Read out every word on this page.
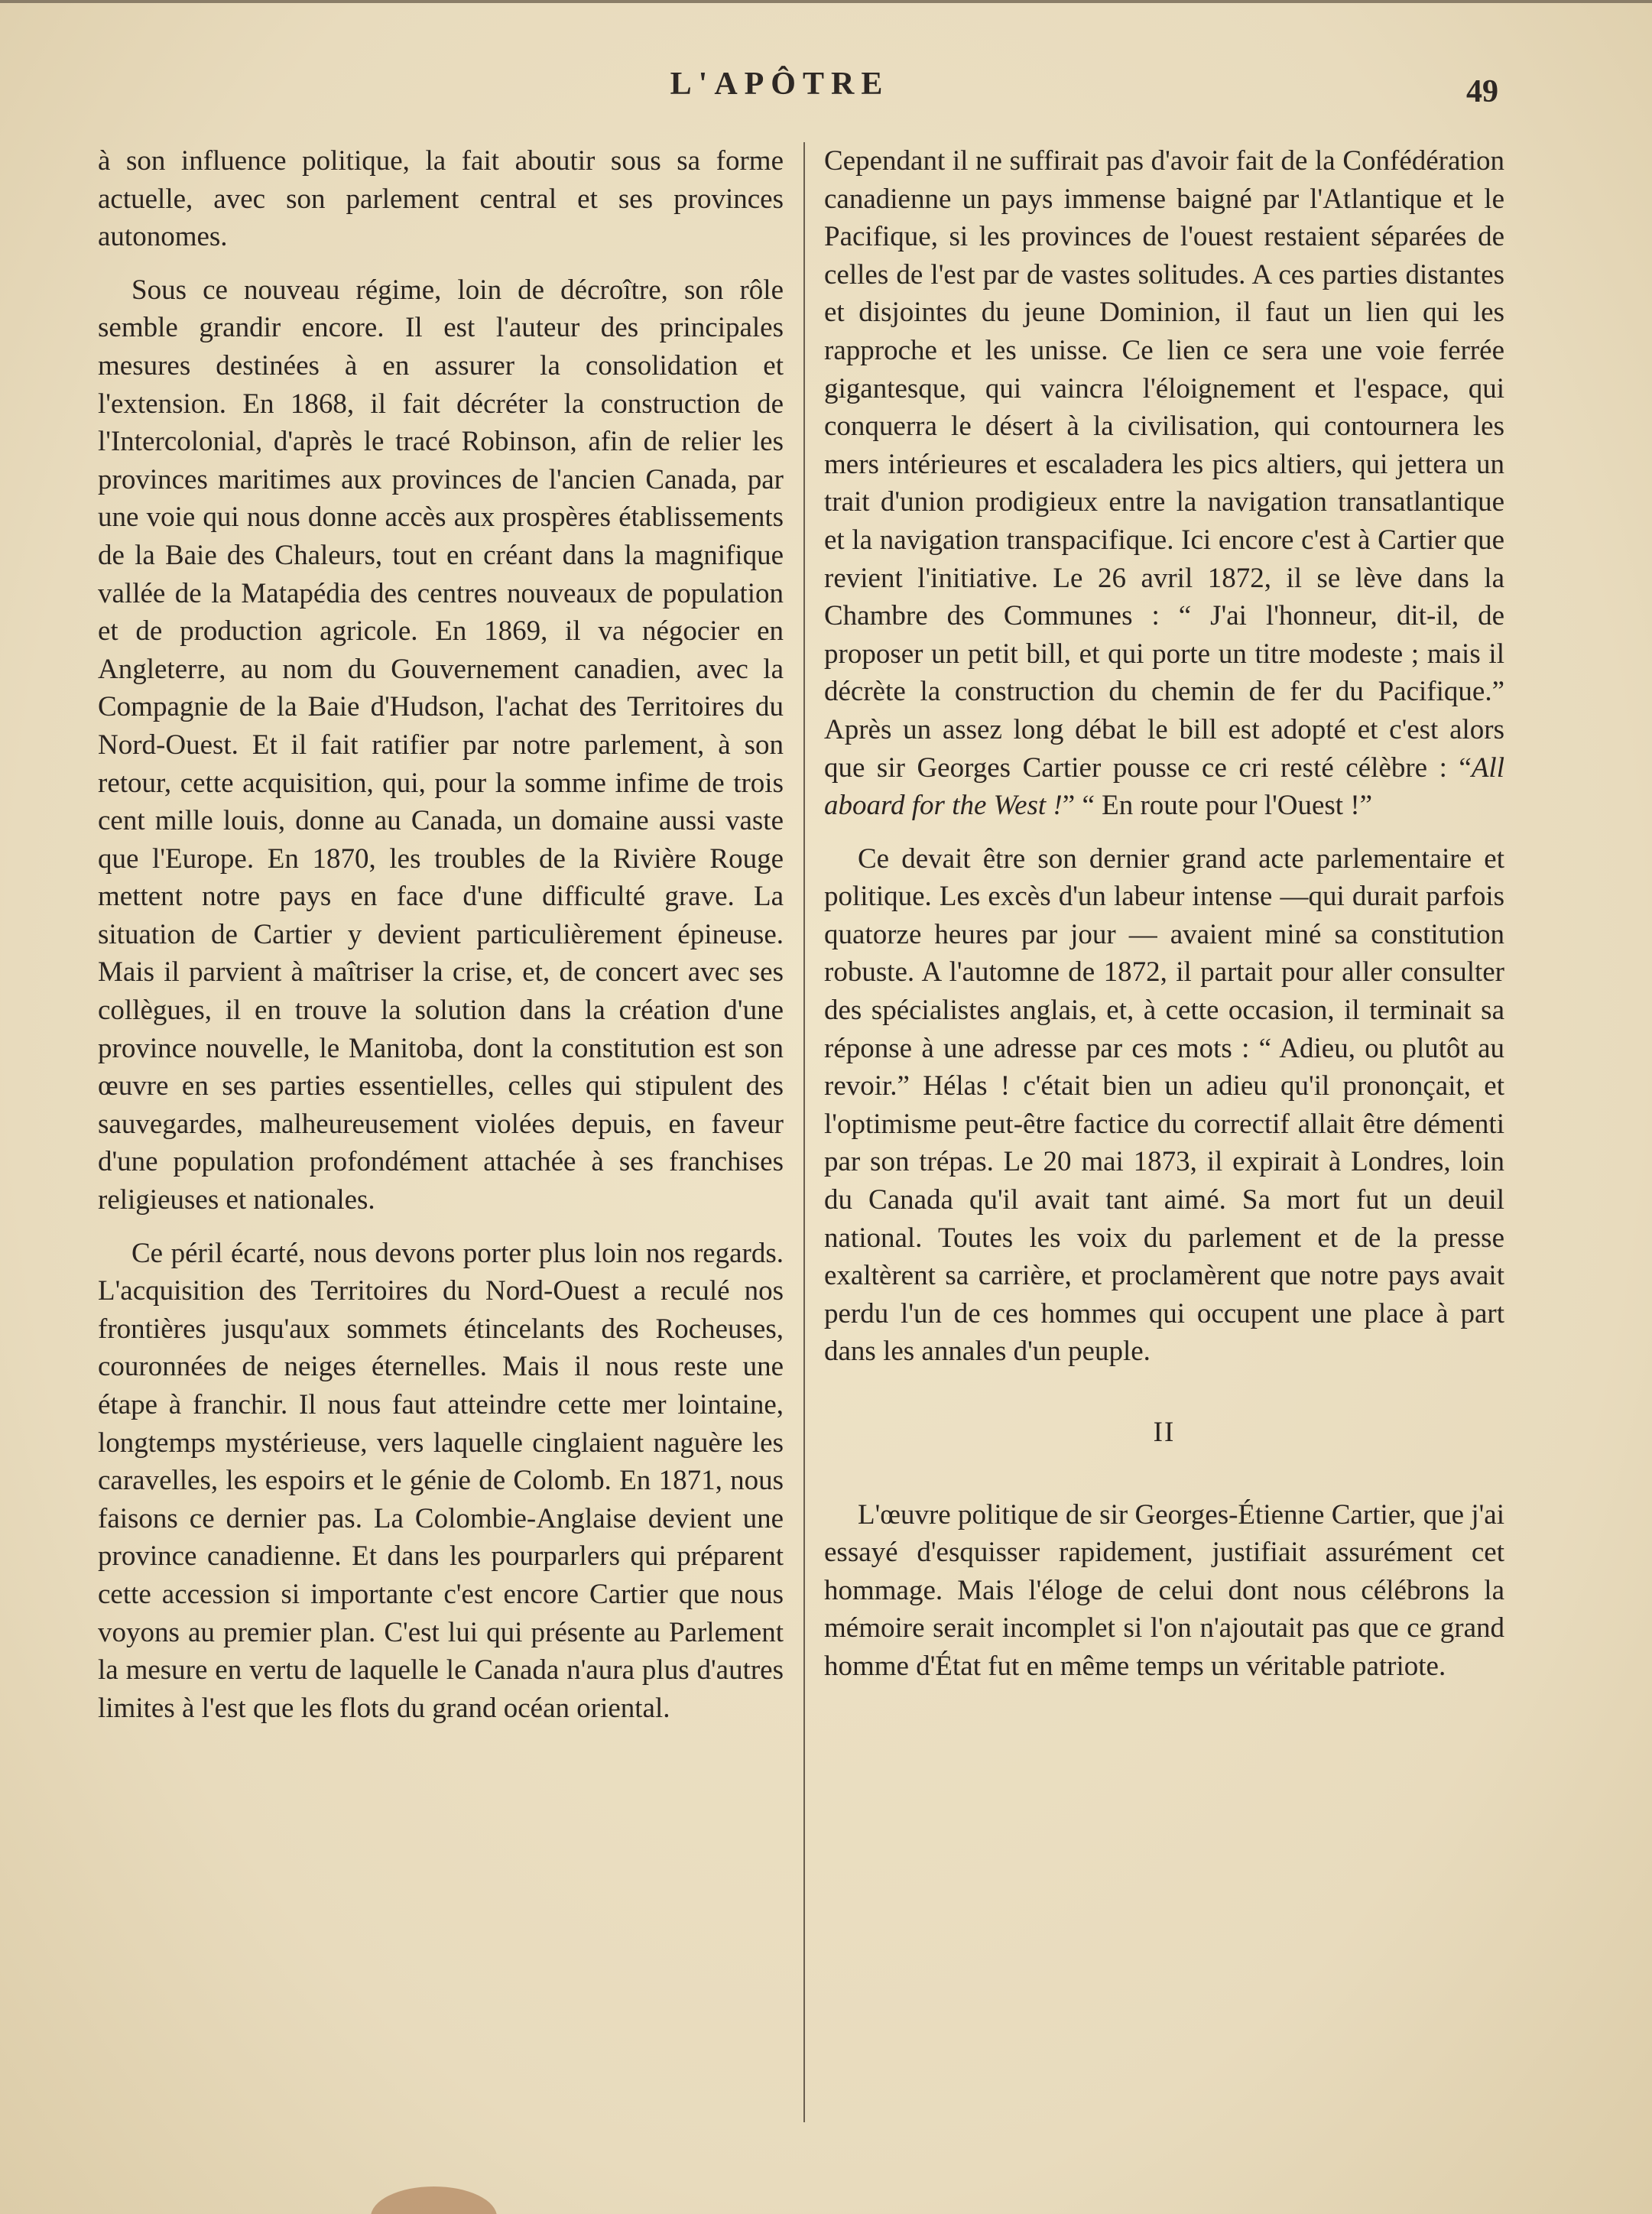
L'APÔTRE	49

à son influence politique, la fait aboutir sous sa forme actuelle, avec son parlement central et ses provinces autonomes.

Sous ce nouveau régime, loin de décroître, son rôle semble grandir encore. Il est l'auteur des principales mesures destinées à en assurer la consolidation et l'extension. En 1868, il fait décréter la construction de l'Intercolonial, d'après le tracé Robinson, afin de relier les provinces maritimes aux provinces de l'ancien Canada, par une voie qui nous donne accès aux prospères établissements de la Baie des Chaleurs, tout en créant dans la magnifique vallée de la Matapédia des centres nouveaux de population et de production agricole. En 1869, il va négocier en Angleterre, au nom du Gouvernement canadien, avec la Compagnie de la Baie d'Hudson, l'achat des Territoires du Nord-Ouest. Et il fait ratifier par notre parlement, à son retour, cette acquisition, qui, pour la somme infime de trois cent mille louis, donne au Canada, un domaine aussi vaste que l'Europe. En 1870, les troubles de la Rivière Rouge mettent notre pays en face d'une difficulté grave. La situation de Cartier y devient particulièrement épineuse. Mais il parvient à maîtriser la crise, et, de concert avec ses collègues, il en trouve la solution dans la création d'une province nouvelle, le Manitoba, dont la constitution est son œuvre en ses parties essentielles, celles qui stipulent des sauvegardes, malheureusement violées depuis, en faveur d'une population profondément attachée à ses franchises religieuses et nationales.

Ce péril écarté, nous devons porter plus loin nos regards. L'acquisition des Territoires du Nord-Ouest a reculé nos frontières jusqu'aux sommets étincelants des Rocheuses, couronnées de neiges éternelles. Mais il nous reste une étape à franchir. Il nous faut atteindre cette mer lointaine, longtemps mystérieuse, vers laquelle cinglaient naguère les caravelles, les espoirs et le génie de Colomb. En 1871, nous faisons ce dernier pas. La Colombie-Anglaise devient une province canadienne. Et dans les pourparlers qui préparent cette accession si importante c'est encore Cartier que nous voyons au premier plan. C'est lui qui présente au Parlement la mesure en vertu de laquelle le Canada n'aura plus d'autres limites à l'est que les flots du grand océan oriental.

Cependant il ne suffirait pas d'avoir fait de la Confédération canadienne un pays immense baigné par l'Atlantique et le Pacifique, si les provinces de l'ouest restaient séparées de celles de l'est par de vastes solitudes. A ces parties distantes et disjointes du jeune Dominion, il faut un lien qui les rapproche et les unisse. Ce lien ce sera une voie ferrée gigantesque, qui vaincra l'éloignement et l'espace, qui conquerra le désert à la civilisation, qui contournera les mers intérieures et escaladera les pics altiers, qui jettera un trait d'union prodigieux entre la navigation transatlantique et la navigation transpacifique. Ici encore c'est à Cartier que revient l'initiative. Le 26 avril 1872, il se lève dans la Chambre des Communes : “ J'ai l'honneur, dit-il, de proposer un petit bill, et qui porte un titre modeste ; mais il décrète la construction du chemin de fer du Pacifique.” Après un assez long débat le bill est adopté et c'est alors que sir Georges Cartier pousse ce cri resté célèbre : “All aboard for the West !” “ En route pour l'Ouest !”

Ce devait être son dernier grand acte parlementaire et politique. Les excès d'un labeur intense —qui durait parfois quatorze heures par jour — avaient miné sa constitution robuste. A l'automne de 1872, il partait pour aller consulter des spécialistes anglais, et, à cette occasion, il terminait sa réponse à une adresse par ces mots : “ Adieu, ou plutôt au revoir.” Hélas ! c'était bien un adieu qu'il prononçait, et l'optimisme peut-être factice du correctif allait être démenti par son trépas. Le 20 mai 1873, il expirait à Londres, loin du Canada qu'il avait tant aimé. Sa mort fut un deuil national. Toutes les voix du parlement et de la presse exaltèrent sa carrière, et proclamèrent que notre pays avait perdu l'un de ces hommes qui occupent une place à part dans les annales d'un peuple.

II

L'œuvre politique de sir Georges-Étienne Cartier, que j'ai essayé d'esquisser rapidement, justifiait assurément cet hommage. Mais l'éloge de celui dont nous célébrons la mémoire serait incomplet si l'on n'ajoutait pas que ce grand homme d'État fut en même temps un véritable patriote.
